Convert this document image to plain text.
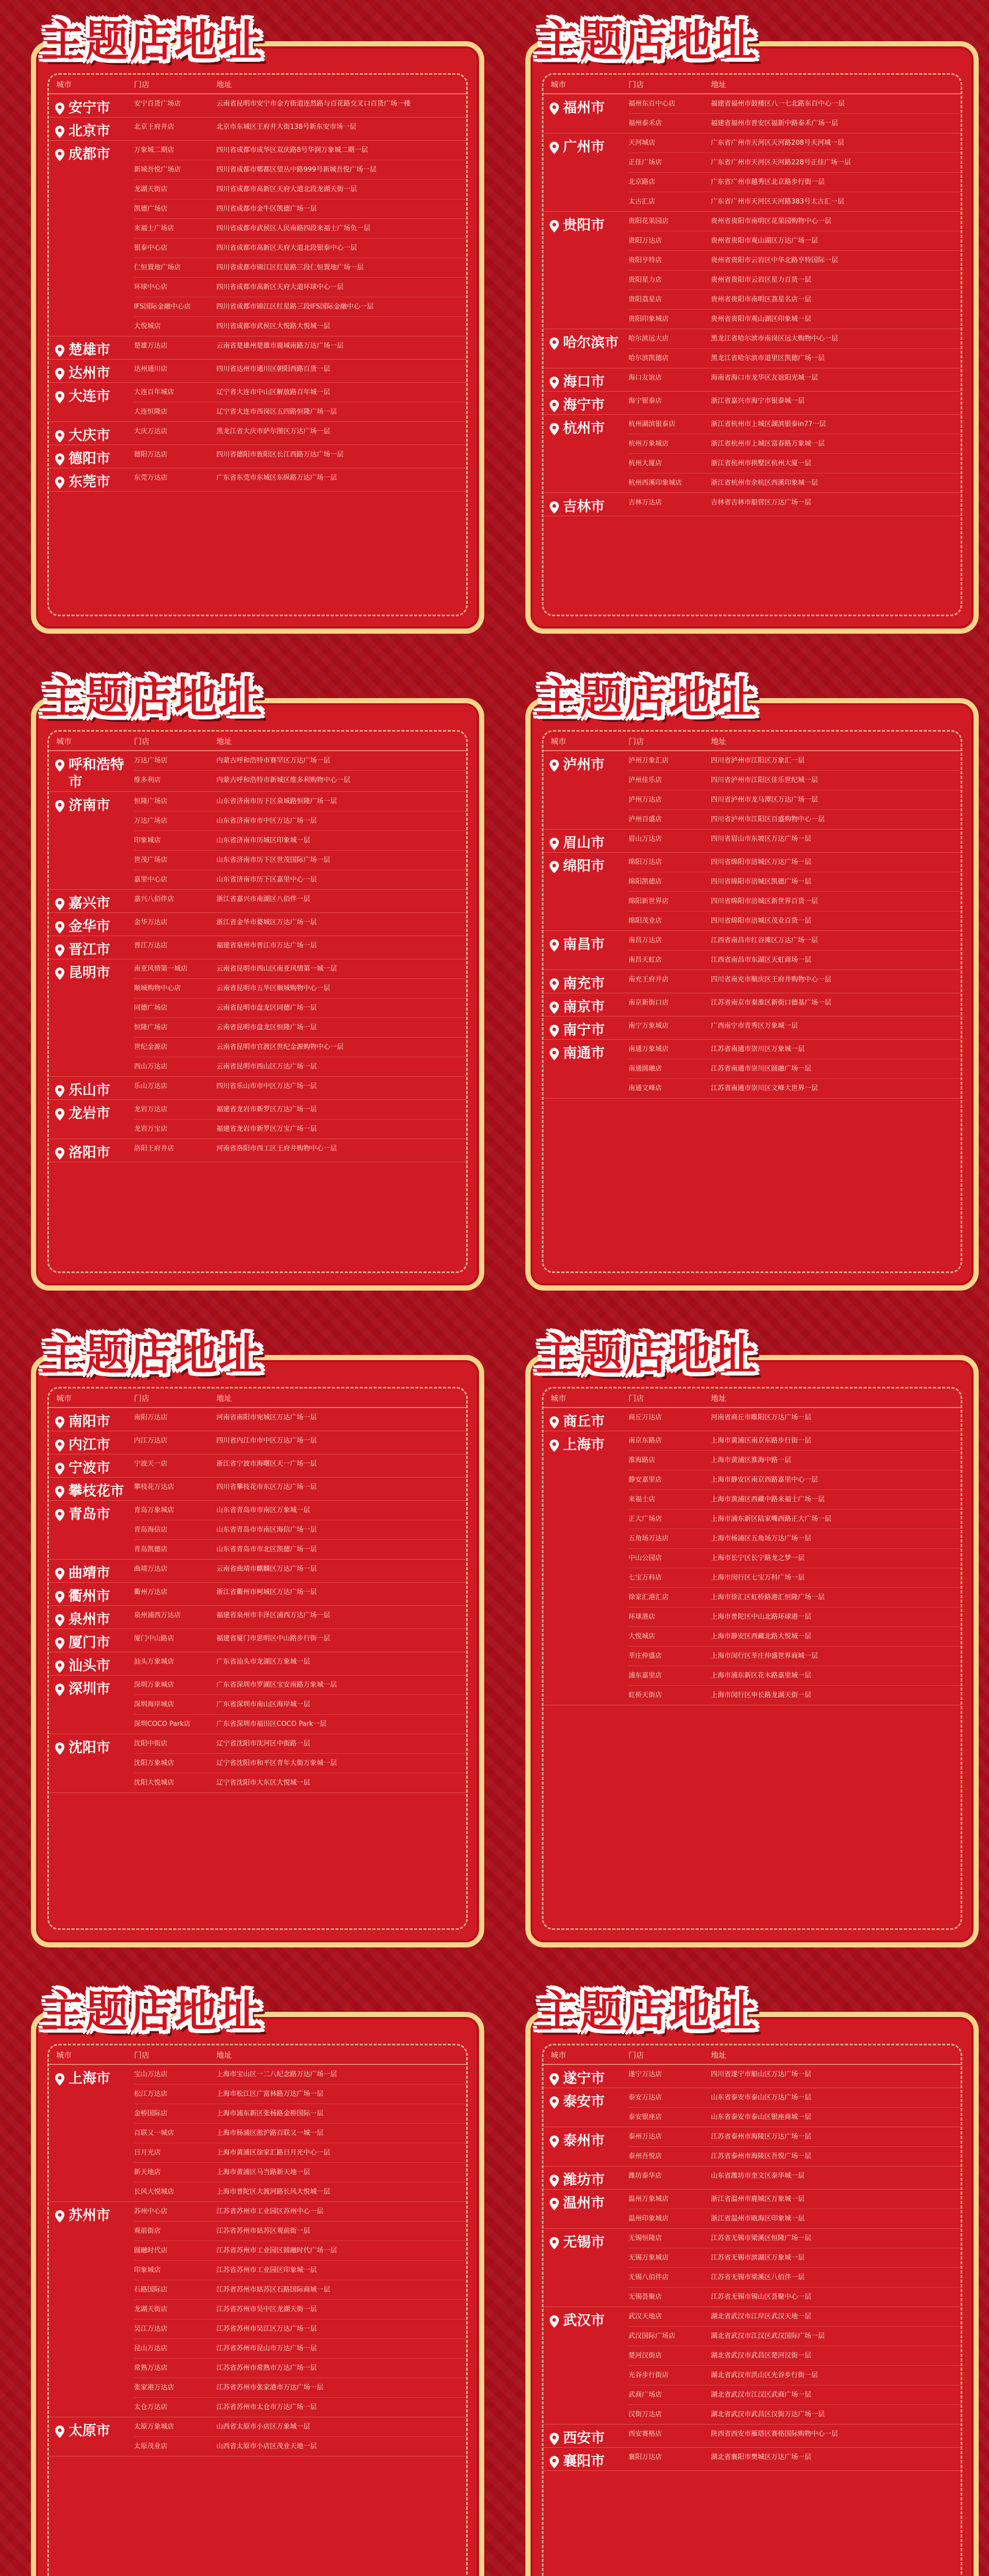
城市	门店	地址
安宁市	安宁百货广场店	云南省昆明市安宁市金方街道连然路与百花路交叉口百货广场一楼
北京市	北京王府井店	北京市东城区王府井大街138号新东安市场一层
成都市	万象城二期店	四川省成都市成华区双庆路8号华润万象城二期一层
新城吾悦广场店	四川省成都市郫都区望丛中路999号新城吾悦广场一层
龙湖天街店	四川省成都市高新区天府大道北段龙湖天街一层
凯德广场店	四川省成都市金牛区凯德广场一层
来福士广场店	四川省成都市武侯区人民南路四段来福士广场负一层
银泰中心店	四川省成都市高新区天府大道北段银泰中心一层
仁恒置地广场店	四川省成都市锦江区红星路三段仁恒置地广场一层
环球中心店	四川省成都市高新区天府大道环球中心一层
IFS国际金融中心店	四川省成都市锦江区红星路三段IFS国际金融中心一层
大悦城店	四川省成都市武侯区大悦路大悦城一层
楚雄市	楚雄万达店	云南省楚雄州楚雄市鹿城南路万达广场一层
达州市	达州通川店	四川省达州市通川区朝阳西路百货一层
大连市	大连百年城店	辽宁省大连市中山区解放路百年城一层
大连恒隆店	辽宁省大连市西岗区五四路恒隆广场一层
大庆市	大庆万达店	黑龙江省大庆市萨尔图区万达广场一层
德阳市	德阳万达店	四川省德阳市旌阳区长江西路万达广场一层
东莞市	东莞万达店	广东省东莞市东城区东纵路万达广场一层
主题店地址
城市	门店	地址
福州市	福州东百中心店	福建省福州市鼓楼区八一七北路东百中心一层
福州泰禾店	福建省福州市晋安区福新中路泰禾广场一层
广州市	天河城店	广东省广州市天河区天河路208号天河城一层
正佳广场店	广东省广州市天河区天河路228号正佳广场一层
北京路店	广东省广州市越秀区北京路步行街一层
太古汇店	广东省广州市天河区天河路383号太古汇一层
贵阳市	贵阳花果园店	贵州省贵阳市南明区花果园购物中心一层
贵阳万达店	贵州省贵阳市观山湖区万达广场一层
贵阳亨特店	贵州省贵阳市云岩区中华北路亨特国际一层
贵阳星力店	贵州省贵阳市云岩区星力百货一层
贵阳荔星店	贵州省贵阳市南明区荔星名店一层
贵阳印象城店	贵州省贵阳市观山湖区印象城一层
哈尔滨市 哈尔滨远大店	黑龙江省哈尔滨市南岗区远大购物中心一层
哈尔滨凯德店	黑龙江省哈尔滨市道里区凯德广场一层
海口市	海口友谊店	海南省海口市龙华区友谊阳光城一层
海宁市	海宁银泰店	浙江省嘉兴市海宁市银泰城一层
杭州市	杭州湖滨银泰店	浙江省杭州市上城区湖滨银泰in77一层
杭州万象城店	浙江省杭州市上城区富春路万象城一层
杭州大厦店	浙江省杭州市拱墅区杭州大厦一层
杭州西溪印象城店	浙江省杭州市余杭区西溪印象城一层
吉林市	吉林万达店	吉林省吉林市船营区万达广场一层
主题店地址
城市	门店	地址
呼和浩特市
万达广场店	内蒙古呼和浩特市赛罕区万达广场一层
维多利店	内蒙古呼和浩特市新城区维多利购物中心一层
济南市	恒隆广场店	山东省济南市历下区泉城路恒隆广场一层
万达广场店	山东省济南市市中区万达广场一层
印象城店	山东省济南市历城区印象城一层
世茂广场店	山东省济南市历下区世茂国际广场一层
嘉里中心店	山东省济南市历下区嘉里中心一层
嘉兴市	嘉兴八佰伴店	浙江省嘉兴市南湖区八佰伴一层
金华市	金华万达店	浙江省金华市婺城区万达广场一层
晋江市	晋江万达店	福建省泉州市晋江市万达广场一层
昆明市	南亚风情第一城店	云南省昆明市西山区南亚风情第一城一层
顺城购物中心店	云南省昆明市五华区顺城购物中心一层
同德广场店	云南省昆明市盘龙区同德广场一层
恒隆广场店	云南省昆明市盘龙区恒隆广场一层
世纪金源店	云南省昆明市官渡区世纪金源购物中心一层
西山万达店	云南省昆明市西山区万达广场一层
乐山市	乐山万达店	四川省乐山市市中区万达广场一层
龙岩市	龙岩万达店	福建省龙岩市新罗区万达广场一层
龙岩万宝店	福建省龙岩市新罗区万宝广场一层
洛阳市	洛阳王府井店	河南省洛阳市西工区王府井购物中心一层
主题店地址
城市	门店	地址
泸州市	泸州万象汇店	四川省泸州市江阳区万象汇一层
泸州佳乐店	四川省泸州市江阳区佳乐世纪城一层
泸州万达店	四川省泸州市龙马潭区万达广场一层
泸州百盛店	四川省泸州市江阳区百盛购物中心一层
眉山市	眉山万达店	四川省眉山市东坡区万达广场一层
绵阳市	绵阳万达店	四川省绵阳市涪城区万达广场一层
绵阳凯德店	四川省绵阳市涪城区凯德广场一层
绵阳新世界店	四川省绵阳市涪城区新世界百货一层
绵阳茂业店	四川省绵阳市涪城区茂业百货一层
南昌市	南昌万达店	江西省南昌市红谷滩区万达广场一层
南昌天虹店	江西省南昌市东湖区天虹商场一层
南充市	南充王府井店	四川省南充市顺庆区王府井购物中心一层
南京市	南京新街口店	江苏省南京市秦淮区新街口德基广场一层
南宁市	南宁万象城店	广西南宁市青秀区万象城一层
南通市	南通万象城店	江苏省南通市崇川区万象城一层
南通圆融店	江苏省南通市崇川区圆融广场一层
南通文峰店	江苏省南通市崇川区文峰大世界一层
主题店地址
城市	门店	地址
南阳市	南阳万达店	河南省南阳市宛城区万达广场一层
内江市	内江万达店	四川省内江市市中区万达广场一层
宁波市	宁波天一店	浙江省宁波市海曙区天一广场一层
攀枝花市 攀枝花万达店	四川省攀枝花市东区万达广场一层
青岛市	青岛万象城店	山东省青岛市市南区万象城一层
青岛海信店	山东省青岛市市南区海信广场一层
青岛凯德店	山东省青岛市市北区凯德广场一层
曲靖市	曲靖万达店	云南省曲靖市麒麟区万达广场一层
衢州市	衢州万达店	浙江省衢州市柯城区万达广场一层
泉州市	泉州浦西万达店	福建省泉州市丰泽区浦西万达广场一层
厦门市	厦门中山路店	福建省厦门市思明区中山路步行街一层
汕头市	汕头万象城店	广东省汕头市龙湖区万象城一层
深圳市	深圳万象城店	广东省深圳市罗湖区宝安南路万象城一层
深圳海岸城店	广东省深圳市南山区海岸城一层
深圳COCO Park店	广东省深圳市福田区COCO Park一层
沈阳市	沈阳中街店	辽宁省沈阳市沈河区中街路一层
沈阳万象城店	辽宁省沈阳市和平区青年大街万象城一层
沈阳大悦城店	辽宁省沈阳市大东区大悦城一层
主题店地址
城市	门店	地址
商丘市	商丘万达店	河南省商丘市睢阳区万达广场一层
上海市	南京东路店	上海市黄浦区南京东路步行街一层
淮海路店	上海市黄浦区淮海中路一层
静安嘉里店	上海市静安区南京西路嘉里中心一层
来福士店	上海市黄浦区西藏中路来福士广场一层
正大广场店	上海市浦东新区陆家嘴西路正大广场一层
五角场万达店	上海市杨浦区五角场万达广场一层
中山公园店	上海市长宁区长宁路龙之梦一层
七宝万科店	上海市闵行区七宝万科广场一层
徐家汇港汇店	上海市徐汇区虹桥路港汇恒隆广场一层
环球港店	上海市普陀区中山北路环球港一层
大悦城店	上海市静安区西藏北路大悦城一层
莘庄仲盛店	上海市闵行区莘庄仲盛世界商城一层
浦东嘉里店	上海市浦东新区花木路嘉里城一层
虹桥天街店	上海市闵行区申长路龙湖天街一层
主题店地址
城市	门店	地址
上海市	宝山万达店	上海市宝山区一二八纪念路万达广场一层
松江万达店	上海市松江区广富林路万达广场一层
金桥国际店	上海市浦东新区张杨路金桥国际一层
百联又一城店	上海市杨浦区淞沪路百联又一城一层
日月光店	上海市黄浦区徐家汇路日月光中心一层
新天地店	上海市黄浦区马当路新天地一层
长风大悦城店	上海市普陀区大渡河路长风大悦城一层
苏州市	苏州中心店	江苏省苏州市工业园区苏州中心一层
观前街店	江苏省苏州市姑苏区观前街一层
圆融时代店	江苏省苏州市工业园区圆融时代广场一层
印象城店	江苏省苏州市工业园区印象城一层
石路国际店	江苏省苏州市姑苏区石路国际商城一层
龙湖天街店	江苏省苏州市吴中区龙湖天街一层
吴江万达店	江苏省苏州市吴江区万达广场一层
昆山万达店	江苏省苏州市昆山市万达广场一层
常熟万达店	江苏省苏州市常熟市万达广场一层
张家港万达店	江苏省苏州市张家港市万达广场一层
太仓万达店	江苏省苏州市太仓市万达广场一层
太原市	太原万象城店	山西省太原市小店区万象城一层
太原茂业店	山西省太原市小店区茂业天地一层
主题店地址
城市	门店	地址
遂宁市	遂宁万达店	四川省遂宁市船山区万达广场一层
泰安市	泰安万达店	山东省泰安市泰山区万达广场一层
泰安银座店	山东省泰安市泰山区银座商城一层
泰州市	泰州万达店	江苏省泰州市海陵区万达广场一层
泰州吾悦店	江苏省泰州市海陵区吾悦广场一层
潍坊市	潍坊泰华店	山东省潍坊市奎文区泰华城一层
温州市	温州万象城店	浙江省温州市鹿城区万象城一层
温州印象城店	浙江省温州市瓯海区印象城一层
无锡市	无锡恒隆店	江苏省无锡市梁溪区恒隆广场一层
无锡万象城店	江苏省无锡市滨湖区万象城一层
无锡八佰伴店	江苏省无锡市梁溪区八佰伴一层
无锡荟聚店	江苏省无锡市锡山区荟聚中心一层
武汉市	武汉天地店	湖北省武汉市江岸区武汉天地一层
武汉国际广场店	湖北省武汉市江汉区武汉国际广场一层
楚河汉街店	湖北省武汉市武昌区楚河汉街一层
光谷步行街店	湖北省武汉市洪山区光谷步行街一层
武商广场店	湖北省武汉市江汉区武商广场一层
汉街万达店	湖北省武汉市武昌区汉街万达广场一层
西安市	西安赛格店	陕西省西安市雁塔区赛格国际购物中心一层
襄阳市	襄阳万达店	湖北省襄阳市樊城区万达广场一层
主题店地址
